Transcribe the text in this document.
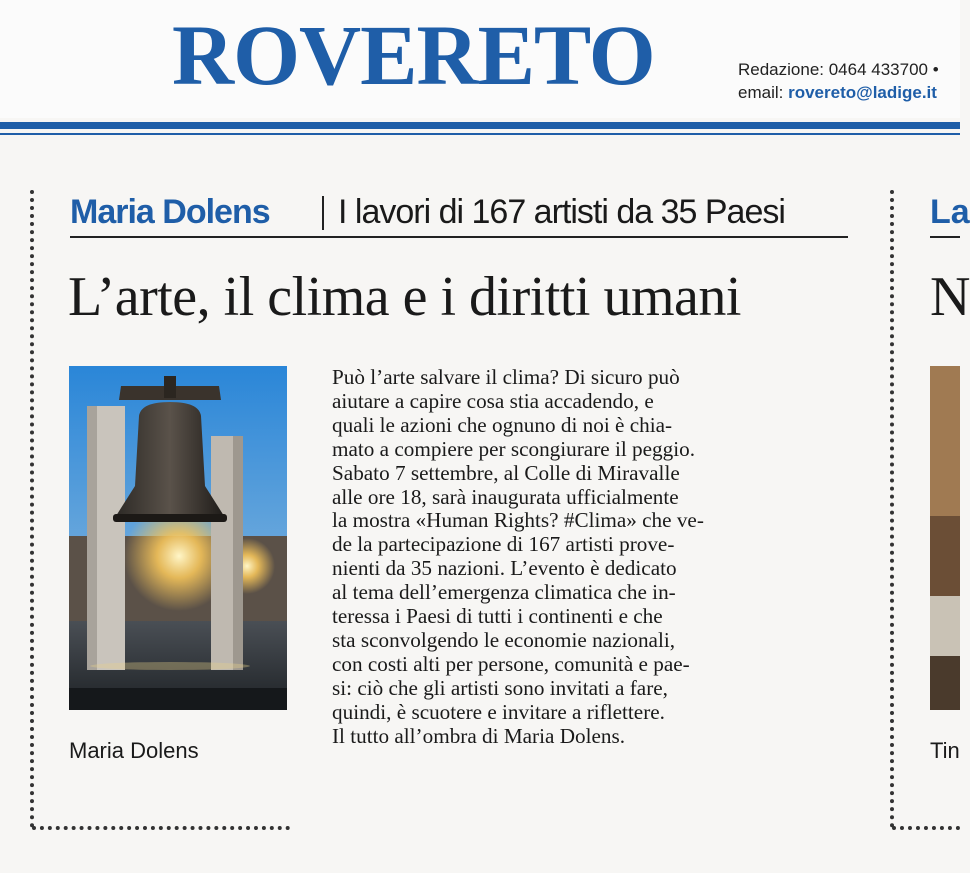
ROVERETO	Redazione: 0464 433700 •
email: rovereto@ladige.it
Maria Dolens I lavori di 167 artisti da 35 Paesi
L’arte, il clima e i diritti umani
Maria Dolens

Può l’arte salvare il clima? Di sicuro può
aiutare a capire cosa stia accadendo, e
quali le azioni che ognuno di noi è chia-
mato a compiere per scongiurare il peggio.
Sabato 7 settembre, al Colle di Miravalle
alle ore 18, sarà inaugurata ufficialmente
la mostra «Human Rights? #Clima» che ve-
de la partecipazione di 167 artisti prove-
nienti da 35 nazioni. L’evento è dedicato
al tema dell’emergenza climatica che in-
teressa i Paesi di tutti i continenti e che
sta sconvolgendo le economie nazionali,
con costi alti per persone, comunità e pae-
si: ciò che gli artisti sono invitati a fare,
quindi, è scuotere e invitare a riflettere.
Il tutto all’ombra di Maria Dolens.

La
N
Tin
